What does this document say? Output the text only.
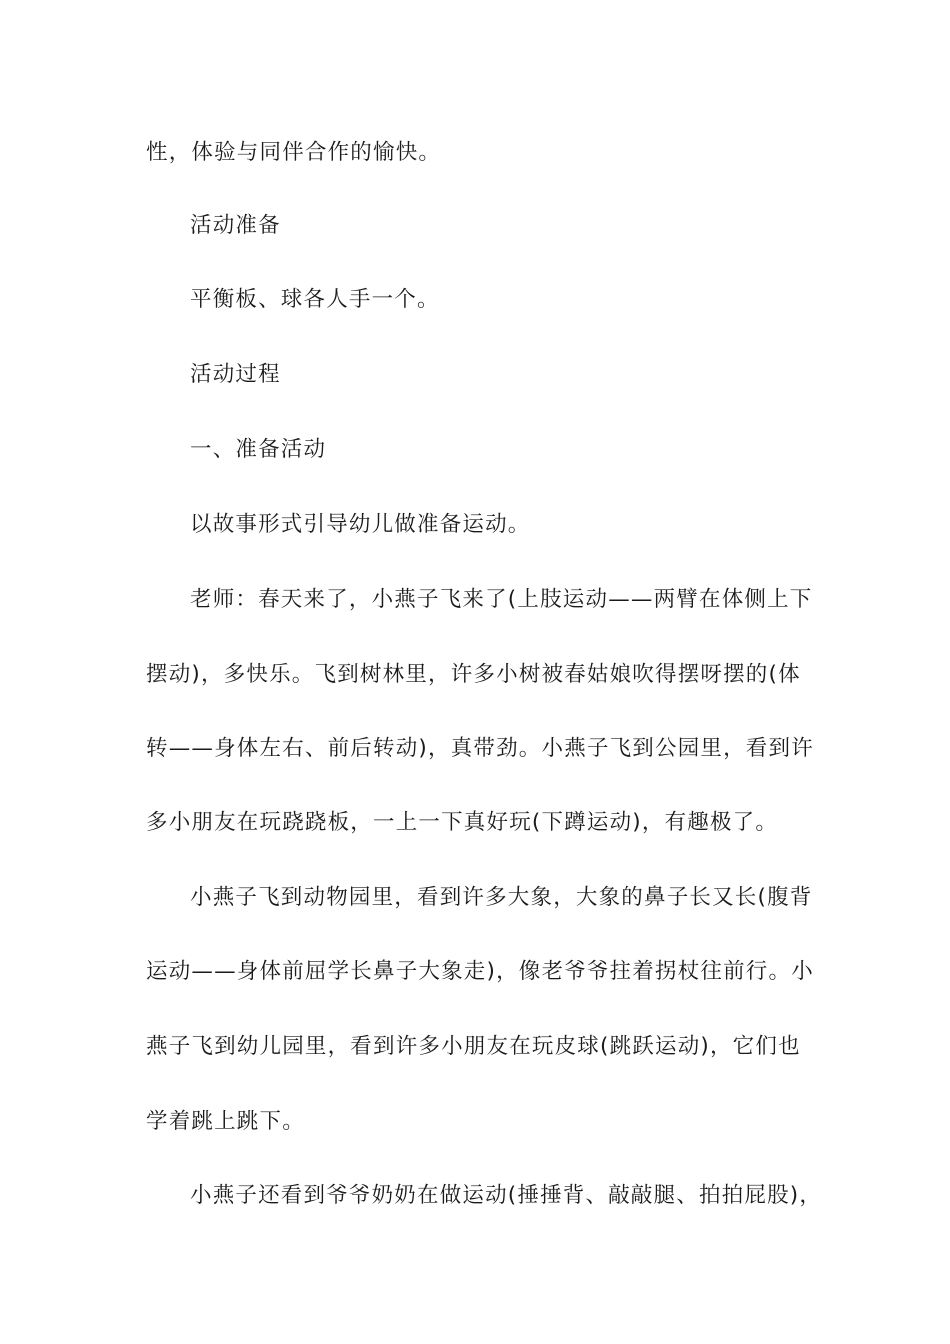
性，体验与同伴合作的愉快。

活动准备

平衡板、球各人手一个。

活动过程

一、准备活动

以故事形式引导幼儿做准备运动。

老师：春天来了，小燕子飞来了(上肢运动——两臂在体侧上下

摆动)，多快乐。飞到树林里，许多小树被春姑娘吹得摆呀摆的(体

转——身体左右、前后转动)，真带劲。小燕子飞到公园里，看到许

多小朋友在玩跷跷板，一上一下真好玩(下蹲运动)，有趣极了。

小燕子飞到动物园里，看到许多大象，大象的鼻子长又长(腹背

运动——身体前屈学长鼻子大象走)，像老爷爷拄着拐杖往前行。小

燕子飞到幼儿园里，看到许多小朋友在玩皮球(跳跃运动)，它们也

学着跳上跳下。

小燕子还看到爷爷奶奶在做运动(捶捶背、敲敲腿、拍拍屁股)，
